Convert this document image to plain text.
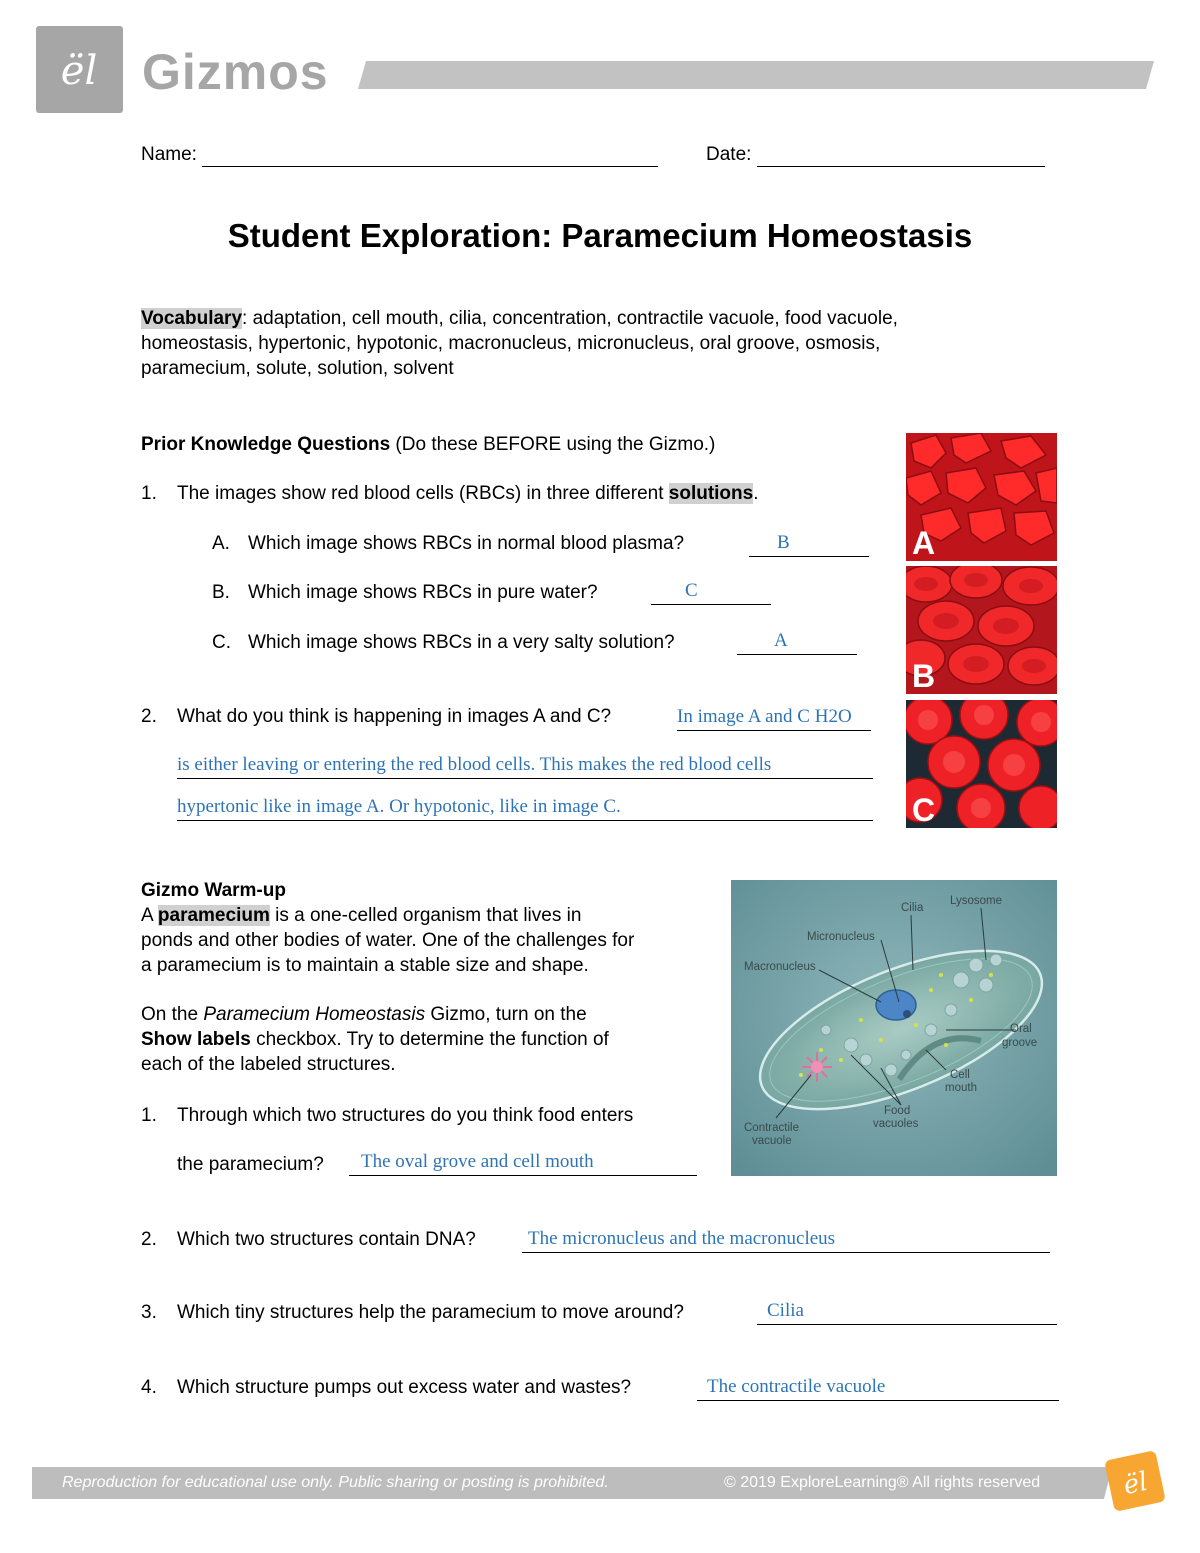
ël Gizmos
Name:	Date:
Student Exploration: Paramecium Homeostasis
Vocabulary: adaptation, cell mouth, cilia, concentration, contractile vacuole, food vacuole,
homeostasis, hypertonic, hypotonic, macronucleus, micronucleus, oral groove, osmosis,
paramecium, solute, solution, solvent
Prior Knowledge Questions (Do these BEFORE using the Gizmo.)
1. The images show red blood cells (RBCs) in three different solutions.
A. Which image shows RBCs in normal blood plasma?	B
B. Which image shows RBCs in pure water?	C
C. Which image shows RBCs in a very salty solution?	A
2. What do you think is happening in images A and C?	In image A and C H2O
is either leaving or entering the red blood cells. This makes the red blood cells
hypertonic like in image A. Or hypotonic, like in image C.
A
B
C
Gizmo Warm-up
A paramecium is a one-celled organism that lives in
ponds and other bodies of water. One of the challenges for
a paramecium is to maintain a stable size and shape.
On the Paramecium Homeostasis Gizmo, turn on the
Show labels checkbox. Try to determine the function of
each of the labeled structures.
1. Through which two structures do you think food enters
the paramecium?	The oval grove and cell mouth
2. Which two structures contain DNA?	The micronucleus and the macronucleus
3. Which tiny structures help the paramecium to move around?	Cilia
4. Which structure pumps out excess water and wastes?	The contractile vacuole
Cilia
Lysosome
Micronucleus
Macronucleus
Oral
groove
Cell
mouth
Food
vacuoles
Contractile
vacuole
Reproduction for educational use only. Public sharing or posting is prohibited.	© 2019 ExploreLearning® All rights reserved	ël
